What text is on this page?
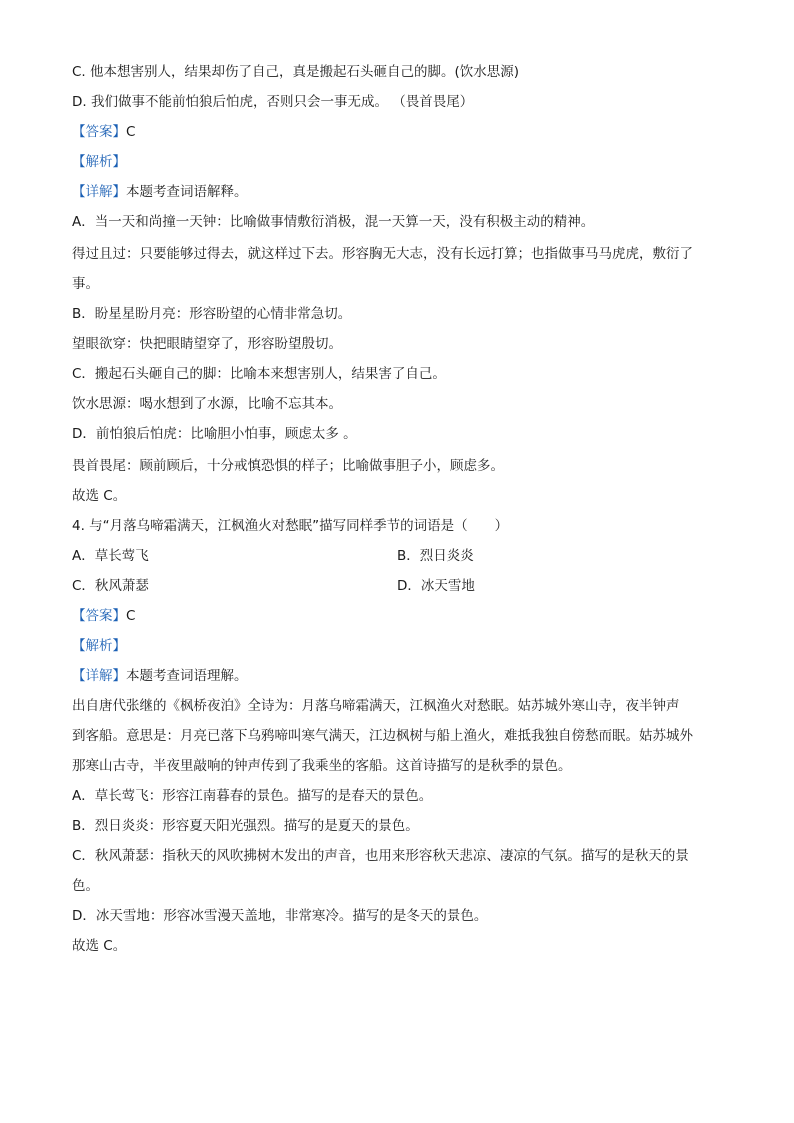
C. 他本想害别人，结果却伤了自己，真是搬起石头砸自己的脚。(饮水思源)

D. 我们做事不能前怕狼后怕虎，否则只会一事无成。 （畏首畏尾）

【答案】C

【解析】

【详解】本题考查词语解释。

A．当一天和尚撞一天钟：比喻做事情敷衍消极，混一天算一天，没有积极主动的精神。

得过且过：只要能够过得去，就这样过下去。形容胸无大志，没有长远打算；也指做事马马虎虎，敷衍了

事。

B．盼星星盼月亮：形容盼望的心情非常急切。

望眼欲穿：快把眼睛望穿了，形容盼望殷切。

C．搬起石头砸自己的脚：比喻本来想害别人，结果害了自己。

饮水思源：喝水想到了水源，比喻不忘其本。

D．前怕狼后怕虎：比喻胆小怕事，顾虑太多 。

畏首畏尾：顾前顾后，十分戒慎恐惧的样子；比喻做事胆子小，顾虑多。

故选 C。

4. 与“月落乌啼霜满天，江枫渔火对愁眠”描写同样季节的词语是（　　）

A．草长莺飞	B．烈日炎炎
C．秋风萧瑟	D．冰天雪地

【答案】C

【解析】

【详解】本题考查词语理解。

出自唐代张继的《枫桥夜泊》全诗为：月落乌啼霜满天，江枫渔火对愁眠。姑苏城外寒山寺，夜半钟声

到客船。意思是：月亮已落下乌鸦啼叫寒气满天，江边枫树与船上渔火，难抵我独自傍愁而眠。姑苏城外

那寒山古寺，半夜里敲响的钟声传到了我乘坐的客船。这首诗描写的是秋季的景色。

A．草长莺飞：形容江南暮春的景色。描写的是春天的景色。

B．烈日炎炎：形容夏天阳光强烈。描写的是夏天的景色。

C．秋风萧瑟：指秋天的风吹拂树木发出的声音，也用来形容秋天悲凉、凄凉的气氛。描写的是秋天的景

色。

D．冰天雪地：形容冰雪漫天盖地，非常寒冷。描写的是冬天的景色。

故选 C。
